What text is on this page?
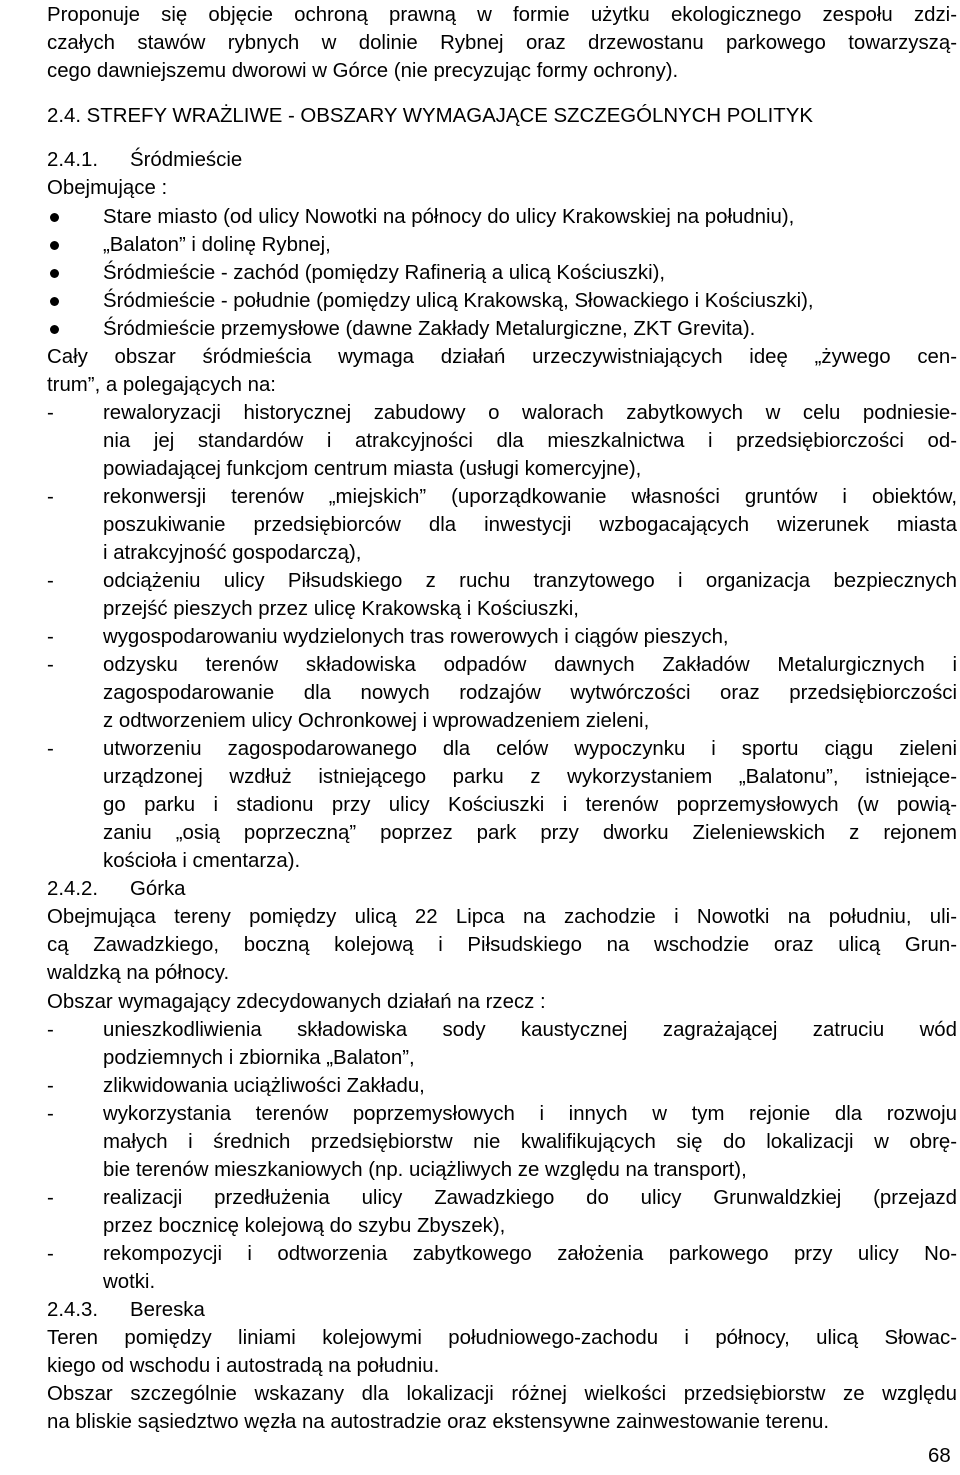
Proponuje się objęcie ochroną prawną w formie użytku ekologicznego zespołu zdzi-
czałych stawów rybnych w dolinie Rybnej oraz drzewostanu parkowego towarzyszą-
cego dawniejszemu dworowi w Górce (nie precyzując formy ochrony).
2.4. STREFY WRAŻLIWE - OBSZARY WYMAGAJĄCE SZCZEGÓLNYCH POLITYK
2.4.1. Śródmieście
Obejmujące :
Stare miasto (od ulicy Nowotki na północy do ulicy Krakowskiej na południu),
„Balaton” i dolinę Rybnej,
Śródmieście - zachód (pomiędzy Rafinerią a ulicą Kościuszki),
Śródmieście - południe (pomiędzy ulicą Krakowską, Słowackiego i Kościuszki),
Śródmieście przemysłowe (dawne Zakłady Metalurgiczne, ZKT Grevita).
Cały obszar śródmieścia wymaga działań urzeczywistniających ideę „żywego cen-
trum”, a polegających na:
- rewaloryzacji historycznej zabudowy o walorach zabytkowych w celu podniesie-
nia jej standardów i atrakcyjności dla mieszkalnictwa i przedsiębiorczości od-
powiadającej funkcjom centrum miasta (usługi komercyjne),
- rekonwersji terenów „miejskich” (uporządkowanie własności gruntów i obiektów,
poszukiwanie przedsiębiorców dla inwestycji wzbogacających wizerunek miasta
i atrakcyjność gospodarczą),
- odciążeniu ulicy Piłsudskiego z ruchu tranzytowego i organizacja bezpiecznych
przejść pieszych przez ulicę Krakowską i Kościuszki,
- wygospodarowaniu wydzielonych tras rowerowych i ciągów pieszych,
- odzysku terenów składowiska odpadów dawnych Zakładów Metalurgicznych i
zagospodarowanie dla nowych rodzajów wytwórczości oraz przedsiębiorczości
z odtworzeniem ulicy Ochronkowej i wprowadzeniem zieleni,
- utworzeniu zagospodarowanego dla celów wypoczynku i sportu ciągu zieleni
urządzonej wzdłuż istniejącego parku z wykorzystaniem „Balatonu”, istniejące-
go parku i stadionu przy ulicy Kościuszki i terenów poprzemysłowych (w powią-
zaniu „osią poprzeczną” poprzez park przy dworku Zieleniewskich z rejonem
kościoła i cmentarza).
2.4.2. Górka
Obejmująca tereny pomiędzy ulicą 22 Lipca na zachodzie i Nowotki na południu, uli-
cą Zawadzkiego, boczną kolejową i Piłsudskiego na wschodzie oraz ulicą Grun-
waldzką na północy.
Obszar wymagający zdecydowanych działań na rzecz :
- unieszkodliwienia składowiska sody kaustycznej zagrażającej zatruciu wód
podziemnych i zbiornika „Balaton”,
- zlikwidowania uciążliwości Zakładu,
- wykorzystania terenów poprzemysłowych i innych w tym rejonie dla rozwoju
małych i średnich przedsiębiorstw nie kwalifikujących się do lokalizacji w obrę-
bie terenów mieszkaniowych (np. uciążliwych ze względu na transport),
- realizacji przedłużenia ulicy Zawadzkiego do ulicy Grunwaldzkiej (przejazd
przez bocznicę kolejową do szybu Zbyszek),
- rekompozycji i odtworzenia zabytkowego założenia parkowego przy ulicy No-
wotki.
2.4.3. Bereska
Teren pomiędzy liniami kolejowymi południowego-zachodu i północy, ulicą Słowac-
kiego od wschodu i autostradą na południu.
Obszar szczególnie wskazany dla lokalizacji różnej wielkości przedsiębiorstw ze względu
na bliskie sąsiedztwo węzła na autostradzie oraz ekstensywne zainwestowanie terenu.
68
